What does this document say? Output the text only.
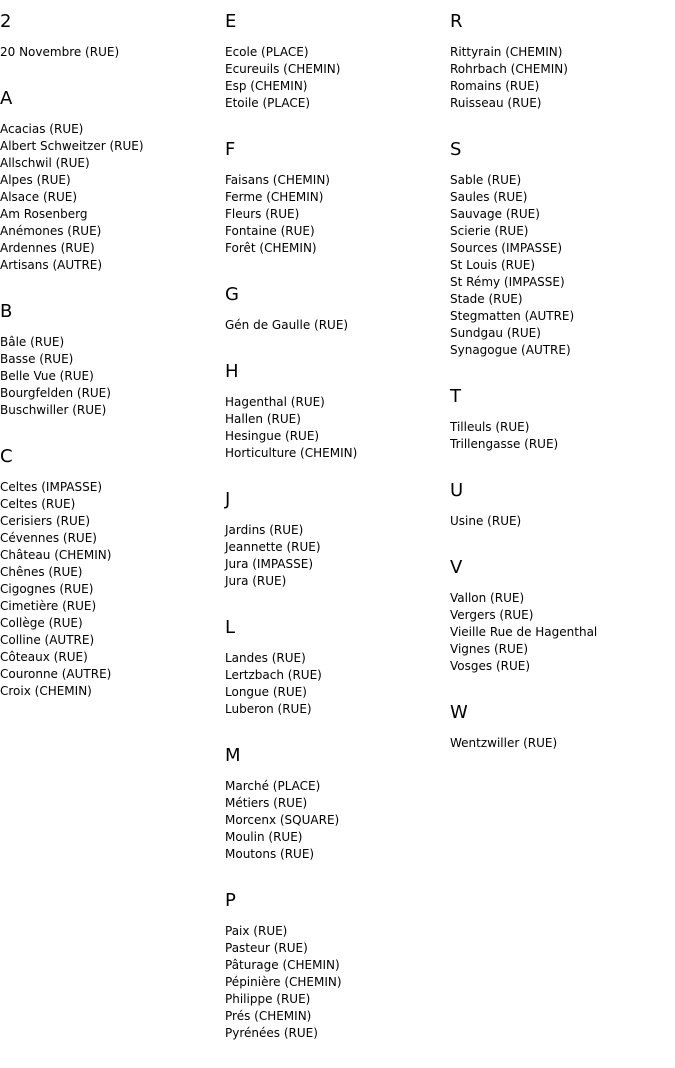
2
20 Novembre (RUE)
A
Acacias (RUE)
Albert Schweitzer (RUE)
Allschwil (RUE)
Alpes (RUE)
Alsace (RUE)
Am Rosenberg
Anémones (RUE)
Ardennes (RUE)
Artisans (AUTRE)
B
Bâle (RUE)
Basse (RUE)
Belle Vue (RUE)
Bourgfelden (RUE)
Buschwiller (RUE)
C
Celtes (IMPASSE)
Celtes (RUE)
Cerisiers (RUE)
Cévennes (RUE)
Château (CHEMIN)
Chênes (RUE)
Cigognes (RUE)
Cimetière (RUE)
Collège (RUE)
Colline (AUTRE)
Côteaux (RUE)
Couronne (AUTRE)
Croix (CHEMIN)
E
Ecole (PLACE)
Ecureuils (CHEMIN)
Esp (CHEMIN)
Etoile (PLACE)
F
Faisans (CHEMIN)
Ferme (CHEMIN)
Fleurs (RUE)
Fontaine (RUE)
Forêt (CHEMIN)
G
Gén de Gaulle (RUE)
H
Hagenthal (RUE)
Hallen (RUE)
Hesingue (RUE)
Horticulture (CHEMIN)
J
Jardins (RUE)
Jeannette (RUE)
Jura (IMPASSE)
Jura (RUE)
L
Landes (RUE)
Lertzbach (RUE)
Longue (RUE)
Luberon (RUE)
M
Marché (PLACE)
Métiers (RUE)
Morcenx (SQUARE)
Moulin (RUE)
Moutons (RUE)
P
Paix (RUE)
Pasteur (RUE)
Pâturage (CHEMIN)
Pépinière (CHEMIN)
Philippe (RUE)
Prés (CHEMIN)
Pyrénées (RUE)
R
Rittyrain (CHEMIN)
Rohrbach (CHEMIN)
Romains (RUE)
Ruisseau (RUE)
S
Sable (RUE)
Saules (RUE)
Sauvage (RUE)
Scierie (RUE)
Sources (IMPASSE)
St Louis (RUE)
St Rémy (IMPASSE)
Stade (RUE)
Stegmatten (AUTRE)
Sundgau (RUE)
Synagogue (AUTRE)
T
Tilleuls (RUE)
Trillengasse (RUE)
U
Usine (RUE)
V
Vallon (RUE)
Vergers (RUE)
Vieille Rue de Hagenthal
Vignes (RUE)
Vosges (RUE)
W
Wentzwiller (RUE)
